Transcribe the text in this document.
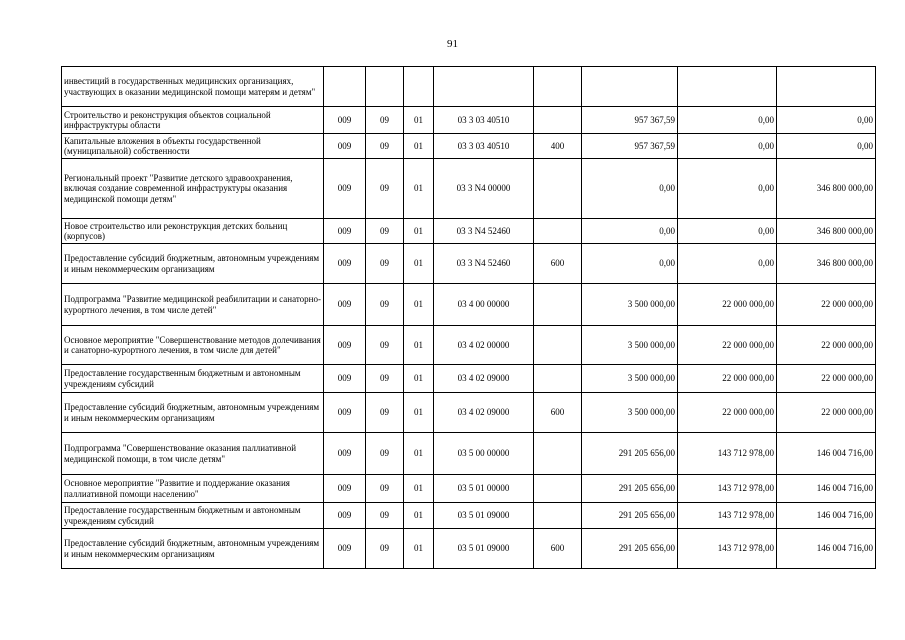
91
инвестиций в государственных медицинских организациях, участвующих в оказании медицинской помощи матерям и детям"								
Строительство и реконструкция объектов социальной инфраструктуры области	009	09	01	03 3 03 40510		957 367,59	0,00	0,00
Капитальные вложения в объекты государственной (муниципальной) собственности	009	09	01	03 3 03 40510	400	957 367,59	0,00	0,00
Региональный проект "Развитие детского здравоохранения, включая создание современной инфраструктуры оказания медицинской помощи детям"	009	09	01	03 3 N4 00000		0,00	0,00	346 800 000,00
Новое строительство или реконструкция детских больниц (корпусов)	009	09	01	03 3 N4 52460		0,00	0,00	346 800 000,00
Предоставление субсидий бюджетным, автономным учреждениям и иным некоммерческим организациям	009	09	01	03 3 N4 52460	600	0,00	0,00	346 800 000,00
Подпрограмма "Развитие медицинской реабилитации и санаторно-курортного лечения, в том числе детей"	009	09	01	03 4 00 00000		3 500 000,00	22 000 000,00	22 000 000,00
Основное мероприятие "Совершенствование методов долечивания и санаторно-курортного лечения, в том числе для детей"	009	09	01	03 4 02 00000		3 500 000,00	22 000 000,00	22 000 000,00
Предоставление государственным бюджетным и автономным учреждениям субсидий	009	09	01	03 4 02 09000		3 500 000,00	22 000 000,00	22 000 000,00
Предоставление субсидий бюджетным, автономным учреждениям и иным некоммерческим организациям	009	09	01	03 4 02 09000	600	3 500 000,00	22 000 000,00	22 000 000,00
Подпрограмма "Совершенствование оказания паллиативной медицинской помощи, в том числе детям"	009	09	01	03 5 00 00000		291 205 656,00	143 712 978,00	146 004 716,00
Основное мероприятие "Развитие и поддержание оказания паллиативной помощи населению"	009	09	01	03 5 01 00000		291 205 656,00	143 712 978,00	146 004 716,00
Предоставление государственным бюджетным и автономным учреждениям субсидий	009	09	01	03 5 01 09000		291 205 656,00	143 712 978,00	146 004 716,00
Предоставление субсидий бюджетным, автономным учреждениям и иным некоммерческим организациям	009	09	01	03 5 01 09000	600	291 205 656,00	143 712 978,00	146 004 716,00
